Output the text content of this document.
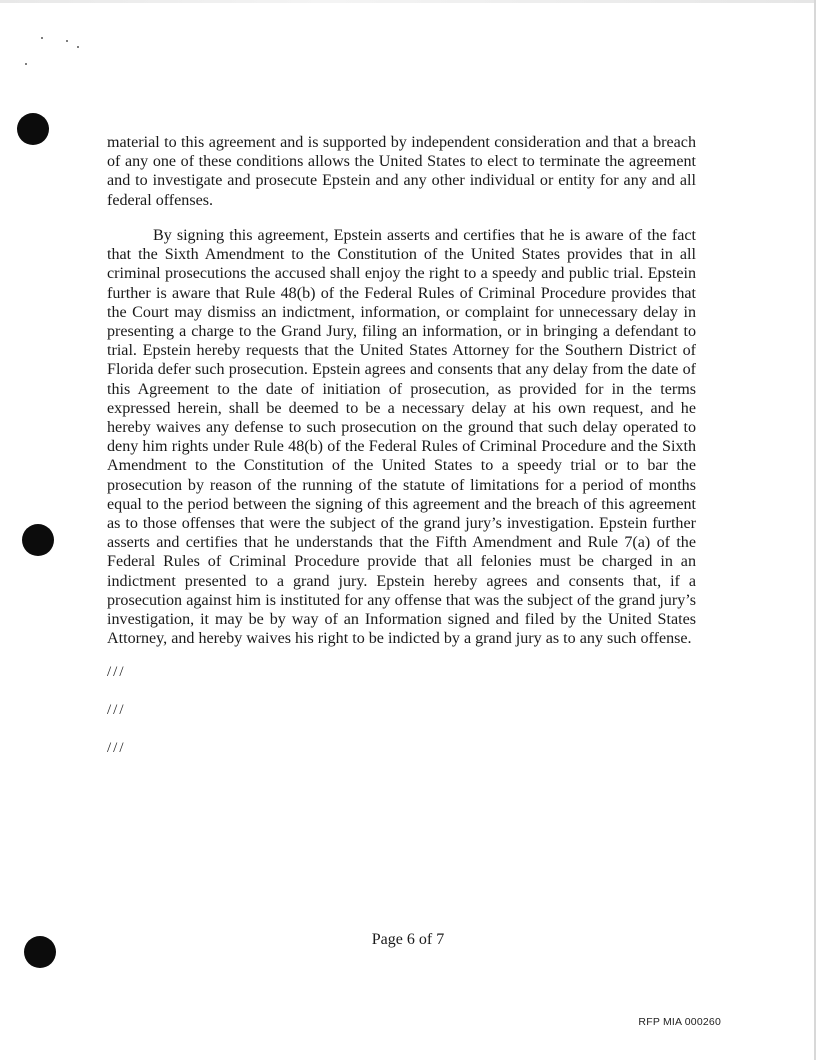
material to this agreement and is supported by independent consideration and that a breach of any one of these conditions allows the United States to elect to terminate the agreement and to investigate and prosecute Epstein and any other individual or entity for any and all federal offenses.

By signing this agreement, Epstein asserts and certifies that he is aware of the fact that the Sixth Amendment to the Constitution of the United States provides that in all criminal prosecutions the accused shall enjoy the right to a speedy and public trial. Epstein further is aware that Rule 48(b) of the Federal Rules of Criminal Procedure provides that the Court may dismiss an indictment, information, or complaint for unnecessary delay in presenting a charge to the Grand Jury, filing an information, or in bringing a defendant to trial. Epstein hereby requests that the United States Attorney for the Southern District of Florida defer such prosecution. Epstein agrees and consents that any delay from the date of this Agreement to the date of initiation of prosecution, as provided for in the terms expressed herein, shall be deemed to be a necessary delay at his own request, and he hereby waives any defense to such prosecution on the ground that such delay operated to deny him rights under Rule 48(b) of the Federal Rules of Criminal Procedure and the Sixth Amendment to the Constitution of the United States to a speedy trial or to bar the prosecution by reason of the running of the statute of limitations for a period of months equal to the period between the signing of this agreement and the breach of this agreement as to those offenses that were the subject of the grand jury’s investigation. Epstein further asserts and certifies that he understands that the Fifth Amendment and Rule 7(a) of the Federal Rules of Criminal Procedure provide that all felonies must be charged in an indictment presented to a grand jury. Epstein hereby agrees and consents that, if a prosecution against him is instituted for any offense that was the subject of the grand jury’s investigation, it may be by way of an Information signed and filed by the United States Attorney, and hereby waives his right to be indicted by a grand jury as to any such offense.

///

///

///

Page 6 of 7

RFP MIA 000260
